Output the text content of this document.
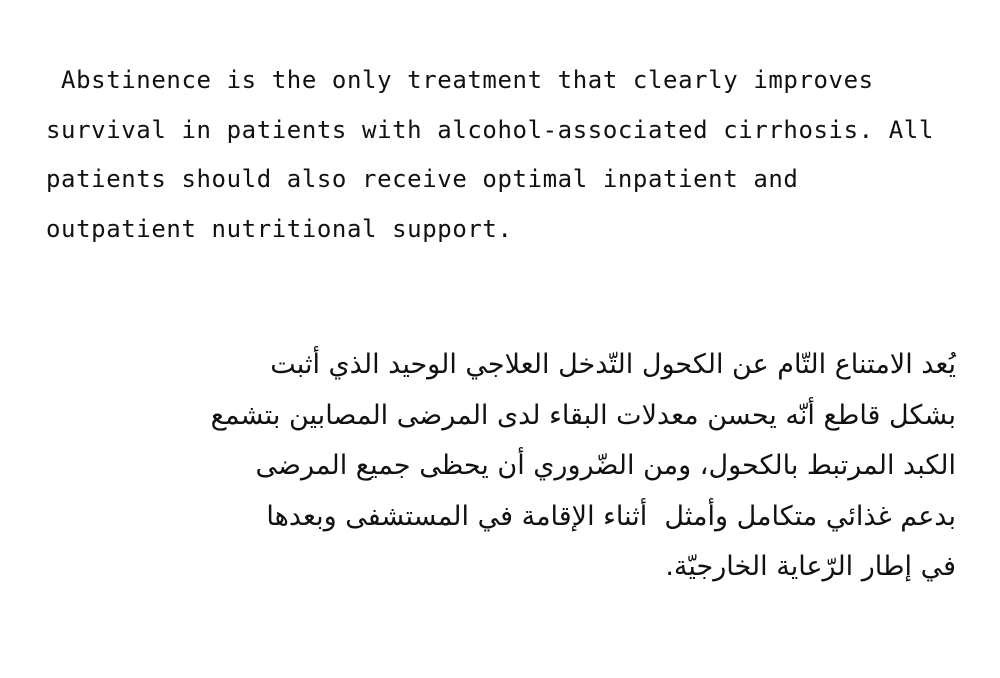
Abstinence is the only treatment that clearly improves
survival in patients with alcohol-associated cirrhosis. All
patients should also receive optimal inpatient and
outpatient nutritional support.
يُعد الامتناع التّام عن الكحول التّدخل العلاجي الوحيد الذي أثبت
بشكل قاطع أنّه يحسن معدلات البقاء لدى المرضى المصابين بتشمع
الكبد المرتبط بالكحول، ومن الضّروري أن يحظى جميع المرضى
بدعم غذائي متكامل وأمثل  أثناء الإقامة في المستشفى وبعدها
في إطار الرّعاية الخارجيّة.
